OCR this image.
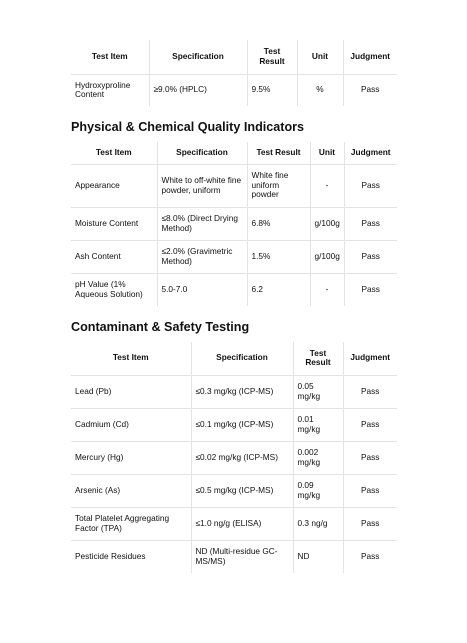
Test Item	Specification	Test Result	Unit	Judgment
Hydroxyproline Content	≥9.0% (HPLC)	9.5%	%	Pass
Physical & Chemical Quality Indicators
Test Item	Specification	Test Result	Unit	Judgment
Appearance	White to off-white fine powder, uniform	White fine uniform powder	-	Pass
Moisture Content	≤8.0% (Direct Drying Method)	6.8%	g/100g	Pass
Ash Content	≤2.0% (Gravimetric Method)	1.5%	g/100g	Pass
pH Value (1% Aqueous Solution)	5.0-7.0	6.2	-	Pass
Contaminant & Safety Testing
Test Item	Specification	Test Result	Judgment
Lead (Pb)	≤0.3 mg/kg (ICP-MS)	0.05 mg/kg	Pass
Cadmium (Cd)	≤0.1 mg/kg (ICP-MS)	0.01 mg/kg	Pass
Mercury (Hg)	≤0.02 mg/kg (ICP-MS)	0.002 mg/kg	Pass
Arsenic (As)	≤0.5 mg/kg (ICP-MS)	0.09 mg/kg	Pass
Total Platelet Aggregating Factor (TPA)	≤1.0 ng/g (ELISA)	0.3 ng/g	Pass
Pesticide Residues	ND (Multi-residue GC-MS/MS)	ND	Pass
